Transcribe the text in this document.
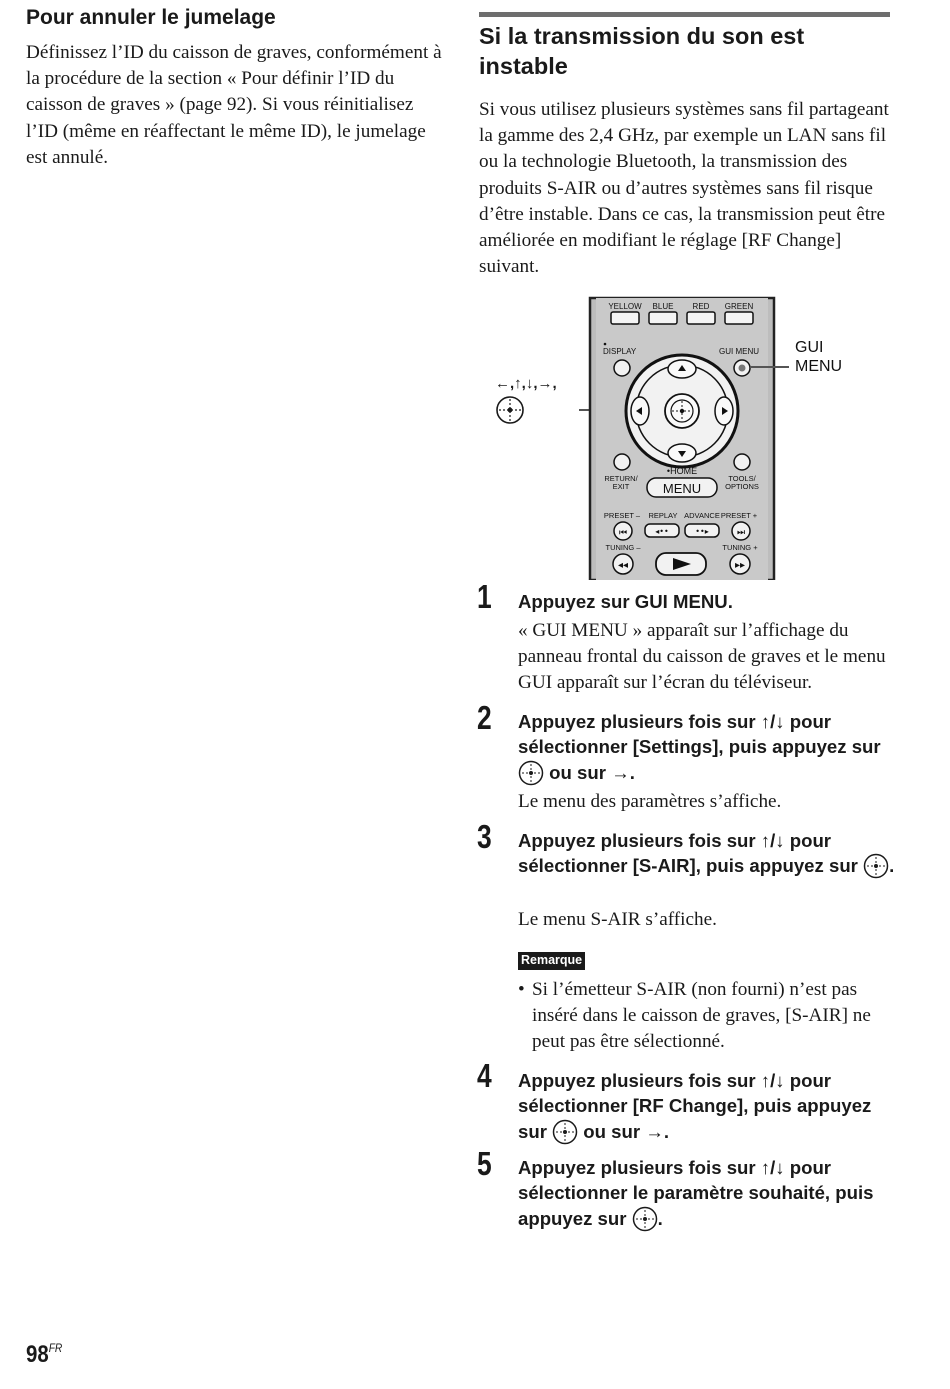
Pour annuler le jumelage

Définissez l’ID du caisson de graves, conformément à la procédure de la section « Pour définir l’ID du caisson de graves » (page 92). Si vous réinitialisez l’ID (même en réaffectant le même ID), le jumelage est annulé.

Si la transmission du son est instable

Si vous utilisez plusieurs systèmes sans fil partageant la gamme des 2,4 GHz, par exemple un LAN sans fil ou la technologie Bluetooth, la transmission des produits S-AIR ou d’autres systèmes sans fil risque d’être instable. Dans ce cas, la transmission peut être améliorée en modifiant le réglage [RF Change] suivant.

←,↑,↓,→,
YELLOW BLUE RED GREEN
DISPLAY	GUI MENU GUI
MENU
•HOME
RETURN/
EXIT
TOOLS/
OPTIONS
MENU
PRESET – REPLAY ADVANCE PRESET +
⏮	◂••	••▸	⏭
TUNING –	TUNING +
◂◂	▸▸
1 Appuyez sur GUI MENU.

« GUI MENU » apparaît sur l’affichage du panneau frontal du caisson de graves et le menu GUI apparaît sur l’écran du téléviseur.

2 Appuyez plusieurs fois sur ↑/↓ pour sélectionner [Settings], puis appuyez sur  ou sur →.

Le menu des paramètres s’affiche.

3 Appuyez plusieurs fois sur ↑/↓ pour sélectionner [S-AIR], puis appuyez sur .

Le menu S-AIR s’affiche.

Remarque
• Si l’émetteur S-AIR (non fourni) n’est pas inséré dans le caisson de graves, [S-AIR] ne peut pas être sélectionné.
4 Appuyez plusieurs fois sur ↑/↓ pour sélectionner [RF Change], puis appuyez sur ou sur →.

5 Appuyez plusieurs fois sur ↑/↓ pour sélectionner le paramètre souhaité, puis appuyez sur .

$98^{FR}$
